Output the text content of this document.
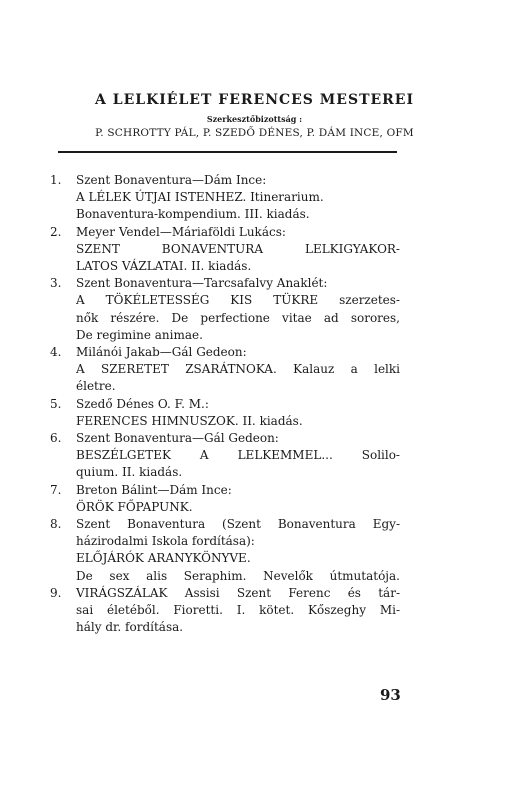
A LELKIÉLET FERENCES MESTEREI
Szerkesztőbizottság :
P. SCHROTTY PÁL, P. SZEDŐ DÉNES, P. DÁM INCE, OFM
1.	Szent Bonaventura—Dám Ince:
A LÉLEK ÚTJAI ISTENHEZ. Itinerarium.
Bonaventura-kompendium. III. kiadás.
2.	Meyer Vendel—Máriaföldi Lukács:
SZENT BONAVENTURA LELKIGYAKOR-
LATOS VÁZLATAI. II. kiadás.
3.	Szent Bonaventura—Tarcsafalvy Anaklét:
A TÖKÉLETESSÉG KIS TÜKRE szerzetes-
nők részére. De perfectione vitae ad sorores,
De regimine animae.
4.	Milánói Jakab—Gál Gedeon:
A SZERETET ZSARÁTNOKA. Kalauz a lelki
életre.
5.	Szedő Dénes O. F. M.:
FERENCES HIMNUSZOK. II. kiadás.
6.	Szent Bonaventura—Gál Gedeon:
BESZÉLGETEK A LELKEMMEL... Solilo-
quium. II. kiadás.
7.	Breton Bálint—Dám Ince:
ÖRÖK FŐPAPUNK.
8.	Szent Bonaventura (Szent Bonaventura Egy-
házirodalmi Iskola fordítása):
ELŐJÁRÓK ARANYKÖNYVE.
De sex alis Seraphim. Nevelők útmutatója.
9.	VIRÁGSZÁLAK Assisi Szent Ferenc és tár-
sai életéből. Fioretti. I. kötet. Kőszeghy Mi-
hály dr. fordítása.
93
